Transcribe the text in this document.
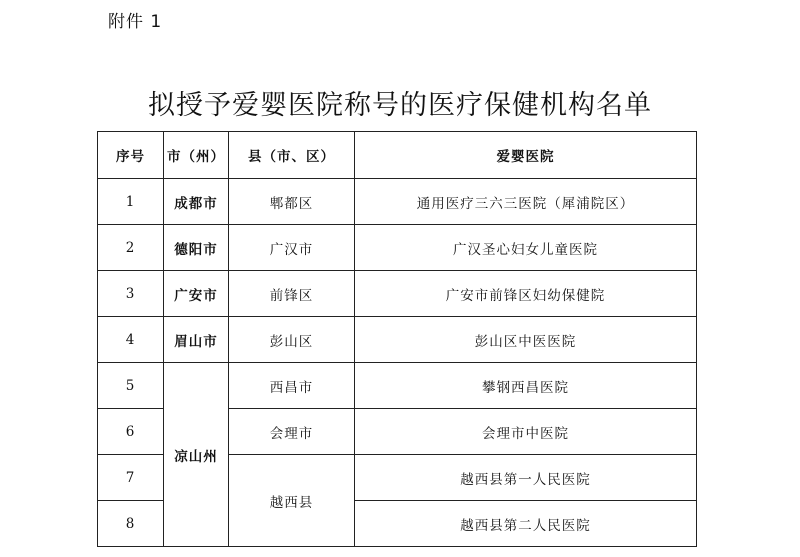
附件 1
拟授予爱婴医院称号的医疗保健机构名单
序号	市（州）	县（市、区）	爱婴医院
1	成都市	郫都区	通用医疗三六三医院（犀浦院区）
2	德阳市	广汉市	广汉圣心妇女儿童医院
3	广安市	前锋区	广安市前锋区妇幼保健院
4	眉山市	彭山区	彭山区中医医院
5	凉山州	西昌市	攀钢西昌医院
6		会理市	会理市中医院
7		越西县	越西县第一人民医院
8			越西县第二人民医院
